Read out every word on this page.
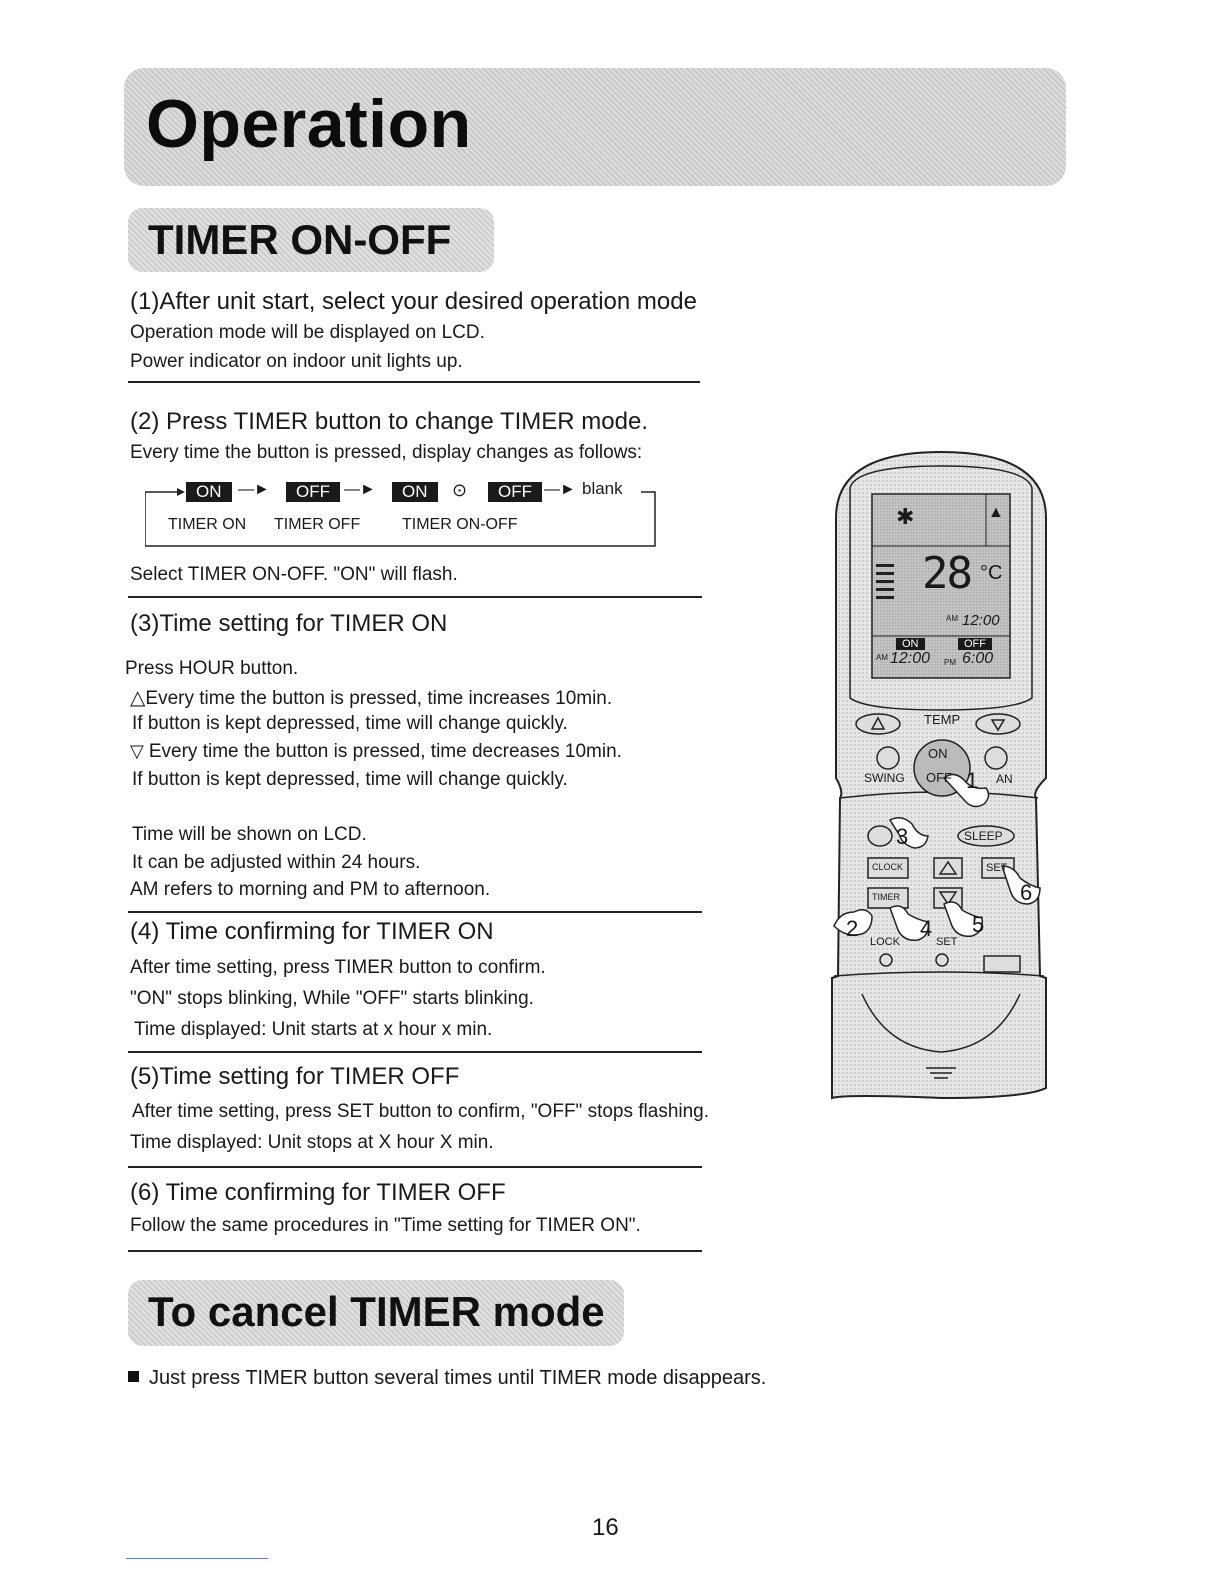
Operation
TIMER ON-OFF
(1)After unit start, select your desired operation mode
Operation mode will be displayed on LCD.
Power indicator on indoor unit lights up.
(2) Press TIMER button to change TIMER mode.
Every time the button is pressed, display changes as follows:
ON	—►	OFF —►	ON	⊙	OFF —► blank
TIMER ON TIMER OFF	TIMER ON-OFF
Select TIMER ON-OFF. "ON" will flash.
(3)Time setting for TIMER ON
Press HOUR button.
△Every time the button is pressed, time increases 10min.
If button is kept depressed, time will change quickly.
▽ Every time the button is pressed, time decreases 10min.
If button is kept depressed, time will change quickly.
Time will be shown on LCD.
It can be adjusted within 24 hours.
AM refers to morning and PM to afternoon.
(4) Time confirming for TIMER ON
After time setting, press TIMER button to confirm.
"ON" stops blinking, While "OFF" starts blinking.
Time displayed: Unit starts at x hour x min.
(5)Time setting for TIMER OFF
After time setting, press SET button to confirm, "OFF" stops flashing.
Time displayed: Unit stops at X hour X min.
(6) Time confirming for TIMER OFF
Follow the same procedures in "Time setting for TIMER ON".
To cancel TIMER mode
Just press TIMER button several times until TIMER mode disappears.
16
✱	▲
28 °C
AM 12:00
ON	OFF
AM 12:00 PM 6:00
TEMP
SWING
ON
OFF	AN
SLEEP
CLOCK	SET
TIMER
LOCK	SET
1
2
3
4 5
6
